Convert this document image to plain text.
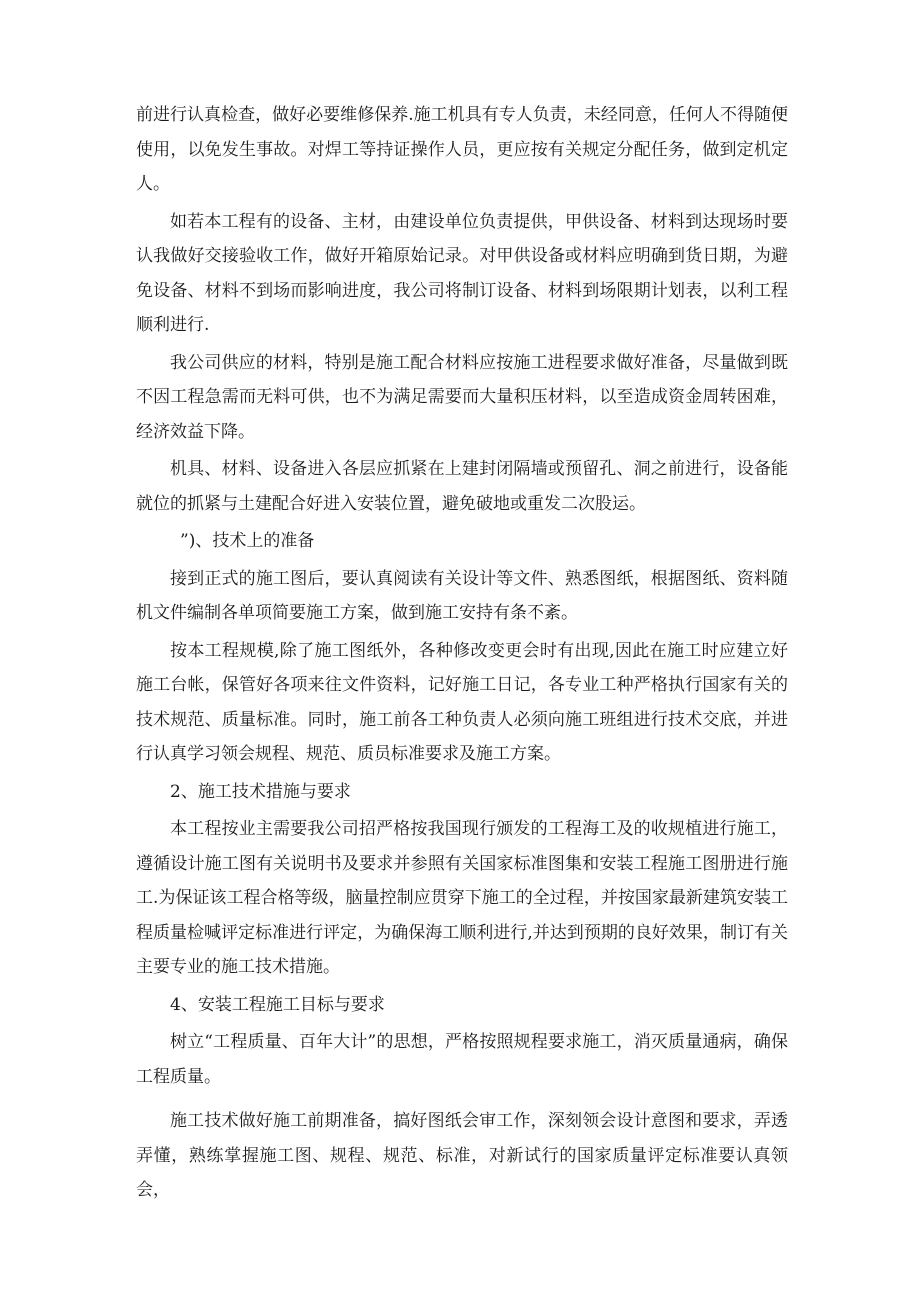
前进行认真检查，做好必要维修保养.施工机具有专人负责，未经同意，任何人不得随便使用，以免发生事故。对焊工等持证操作人员，更应按有关规定分配任务，做到定机定人。

如若本工程有的设备、主材，由建设单位负责提供，甲供设备、材料到达现场时要认我做好交接验收工作，做好开箱原始记录。对甲供设备或材料应明确到货日期，为避免设备、材料不到场而影响进度，我公司将制订设备、材料到场限期计划表，以利工程顺利进行.

我公司供应的材料，特别是施工配合材料应按施工进程要求做好准备，尽量做到既不因工程急需而无料可供，也不为满足需要而大量积压材料，以至造成资金周转困难，经济效益下降。

机具、材料、设备进入各层应抓紧在上建封闭隔墙或预留孔、洞之前进行，设备能就位的抓紧与土建配合好进入安装位置，避免破地或重发二次股运。

”)、技术上的准备

接到正式的施工图后，要认真阅读有关设计等文件、熟悉图纸，根据图纸、资料随机文件编制各单项简要施工方案，做到施工安持有条不紊。

按本工程规模,除了施工图纸外，各种修改变更会时有出现,因此在施工时应建立好施工台帐，保管好各项来往文件资料，记好施工日记，各专业工种严格执行国家有关的技术规范、质量标准。同时，施工前各工种负责人必须向施工班组进行技术交底，并进行认真学习领会规程、规范、质员标准要求及施工方案。

2、施工技术措施与要求

本工程按业主需要我公司招严格按我国现行颁发的工程海工及的收规植进行施工，遵循设计施工图有关说明书及要求并参照有关国家标准图集和安装工程施工图册进行施工.为保证该工程合格等级，脑量控制应贯穿下施工的全过程，并按国家最新建筑安装工程质量检喊评定标准进行评定，为确保海工顺利进行,并达到预期的良好效果，制订有关主要专业的施工技术措施。

4、安装工程施工目标与要求

树立“工程质量、百年大计”的思想，严格按照规程要求施工，消灭质量通病，确保工程质量。

施工技术做好施工前期准备，搞好图纸会审工作，深刻领会设计意图和要求，弄透弄懂，熟练掌握施工图、规程、规范、标准，对新试行的国家质量评定标准要认真领会，
